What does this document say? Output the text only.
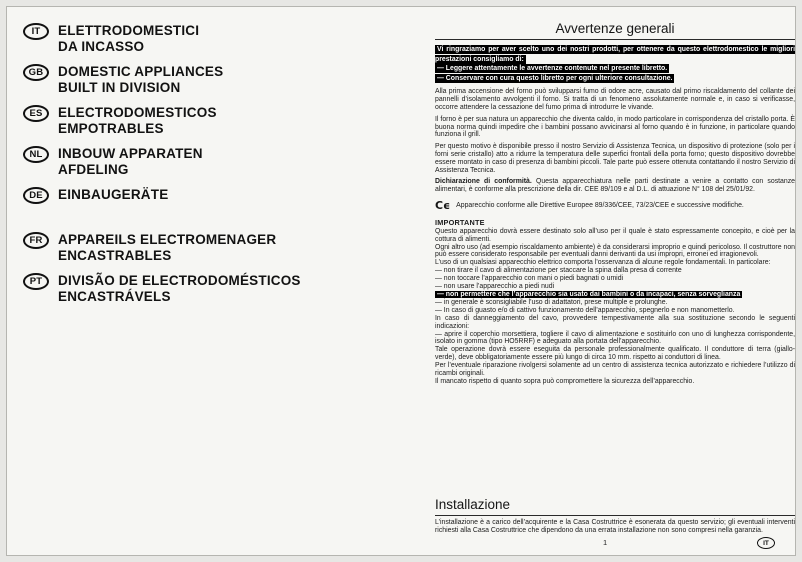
IT	ELETTRODOMESTICI
DA INCASSO
GB	DOMESTIC APPLIANCES
BUILT IN DIVISION
ES	ELECTRODOMESTICOS
EMPOTRABLES
NL	INBOUW APPARATEN
AFDELING
DE	EINBAUGERÄTE
FR	APPAREILS ELECTROMENAGER
ENCASTRABLES
PT	DIVISÃO DE ELECTRODOMÉSTICOS
ENCASTRÁVELS
Avvertenze generali
Vi ringraziamo per aver scelto uno dei nostri prodotti, per ottenere da questo elettrodomestico le migliori prestazioni consigliamo di:
— Leggere attentamente le avvertenze contenute nel presente libretto.
— Conservare con cura questo libretto per ogni ulteriore consultazione.

Alla prima accensione del forno può svilupparsi fumo di odore acre, causato dal primo riscaldamento del collante dei pannelli d’isolamento avvolgenti il forno. Si tratta di un fenomeno assolutamente normale e, in caso si verificasse, occorre attendere la cessazione del fumo prima di introdurre le vivande.

Il forno è per sua natura un apparecchio che diventa caldo, in modo particolare in corrispondenza del cristallo porta. È buona norma quindi impedire che i bambini possano avvicinarsi al forno quando è in funzione, in particolare quando funziona il grill.

Per questo motivo è disponibile presso il nostro Servizio di Assistenza Tecnica, un dispositivo di protezione (solo per i forni serie cristallo) atto a ridurre la temperatura delle superfici frontali della porta forno; questo dispositivo dovrebbe essere montato in caso di presenza di bambini piccoli. Tale parte può essere ottenuta contattando il nostro Servizio di Assistenza Tecnica.

Dichiarazione di conformità. Questa apparecchiatura nelle parti destinate a venire a contatto con sostanze alimentari, è conforme alla prescrizione della dir. CEE 89/109 e al D.L. di attuazione N° 108 del 25/01/92.

Cϵ Apparecchio conforme alle Direttive Europee 89/336/CEE, 73/23/CEE e successive modifiche.
IMPORTANTE

Questo apparecchio dovrà essere destinato solo all’uso per il quale è stato espressamente concepito, e cioè per la cottura di alimenti.

Ogni altro uso (ad esempio riscaldamento ambiente) è da considerarsi improprio e quindi pericoloso. Il costruttore non può essere considerato responsabile per eventuali danni derivanti da usi impropri, erronei ed irragionevoli.

L’uso di un qualsiasi apparecchio elettrico comporta l’osservanza di alcune regole fondamentali. In particolare:

— non tirare il cavo di alimentazione per staccare la spina dalla presa di corrente

— non toccare l’apparecchio con mani o piedi bagnati o umidi

— non usare l’apparecchio a piedi nudi

— non permettere che l’apparecchio sia usato dai bambini o da incapaci, senza sorveglianza

— in generale è sconsigliabile l’uso di adattatori, prese multiple e prolunghe.

— In caso di guasto e/o di cattivo funzionamento dell’apparecchio, spegnerlo e non manometterlo.

In caso di danneggiamento del cavo, provvedere tempestivamente alla sua sostituzione secondo le seguenti indicazioni:

— aprire il coperchio morsettiera, togliere il cavo di alimentazione e sostituirlo con uno di lunghezza corrispondente, isolato in gomma (tipo HO5RRF) e adeguato alla portata dell’apparecchio.

Tale operazione dovrà essere eseguita da personale professionalmente qualificato. Il conduttore di terra (giallo-verde), deve obbligatoriamente essere più lungo di circa 10 mm. rispetto ai conduttori di linea.

Per l’eventuale riparazione rivolgersi solamente ad un centro di assistenza tecnica autorizzato e richiedere l’utilizzo di ricambi originali.

Il mancato rispetto di quanto sopra può compromettere la sicurezza dell’apparecchio.

Installazione

L’installazione è a carico dell’acquirente e la Casa Costruttrice è esonerata da questo servizio; gli eventuali interventi richiesti alla Casa Costruttrice che dipendono da una errata installazione non sono compresi nella garanzia.

1	IT
